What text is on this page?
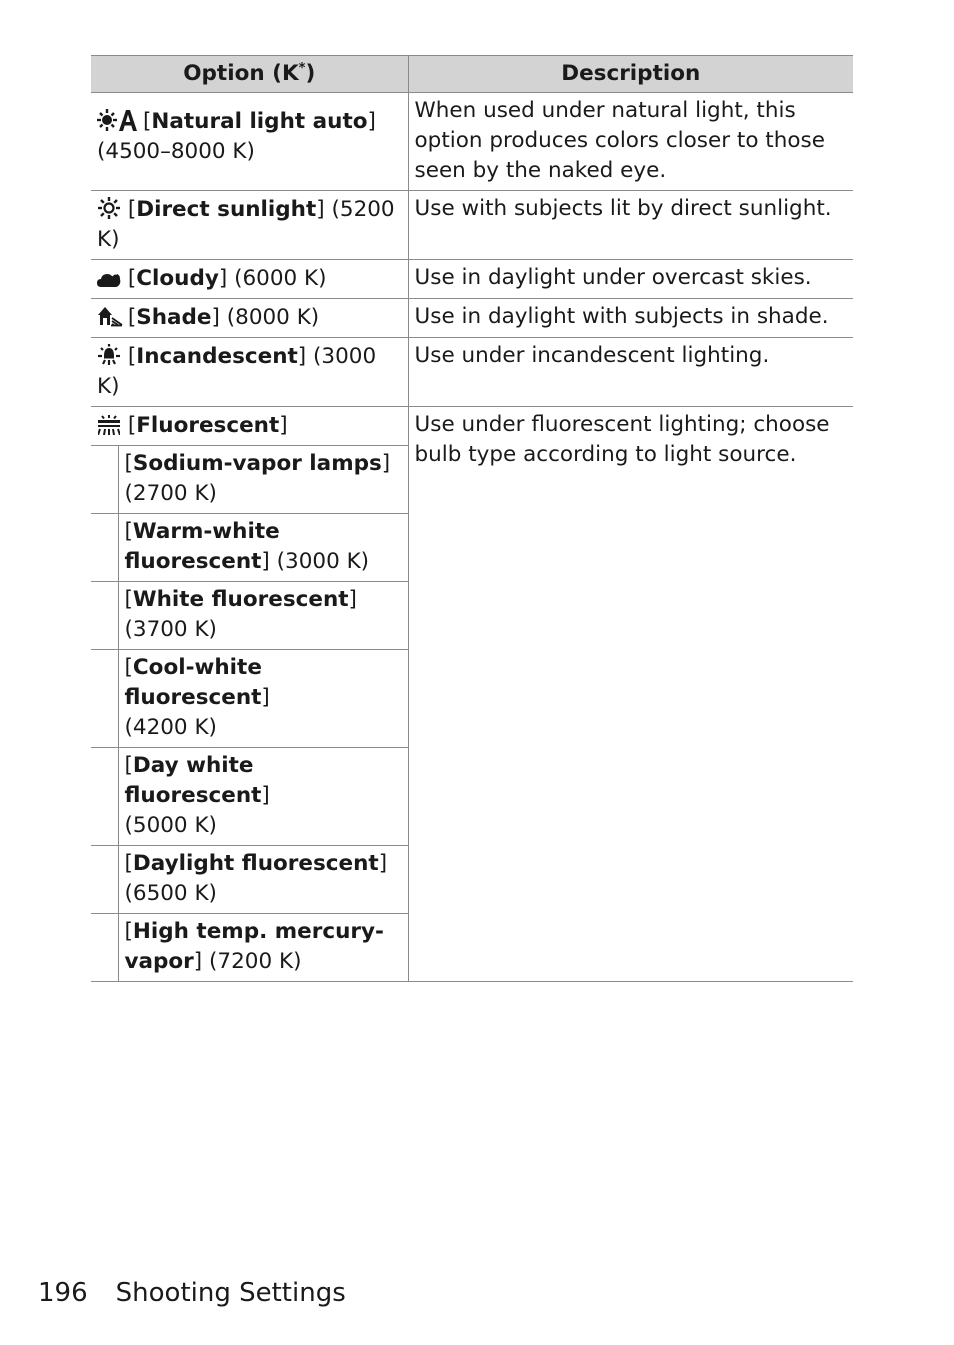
Option (K*)		Description
[Natural light auto]
(4500–8000 K)		When used under natural light, this option produces colors closer to those seen by the naked eye.
[Direct sunlight] (5200 K)		Use with subjects lit by direct sunlight.
[Cloudy] (6000 K)		Use in daylight under overcast skies.
[Shade] (8000 K)		Use in daylight with subjects in shade.
[Incandescent] (3000 K)		Use under incandescent lighting.
[Fluorescent]		Use under fluorescent lighting; choose bulb type according to light source.
	[Sodium-vapor lamps]
(2700 K)	
	[Warm-white
fluorescent] (3000 K)	
	[White fluorescent]
(3700 K)	
	[Cool-white fluorescent]
(4200 K)	
	[Day white fluorescent]
(5000 K)	
	[Daylight fluorescent]
(6500 K)	
	[High temp. mercury-
vapor] (7200 K)	
196 Shooting Settings
